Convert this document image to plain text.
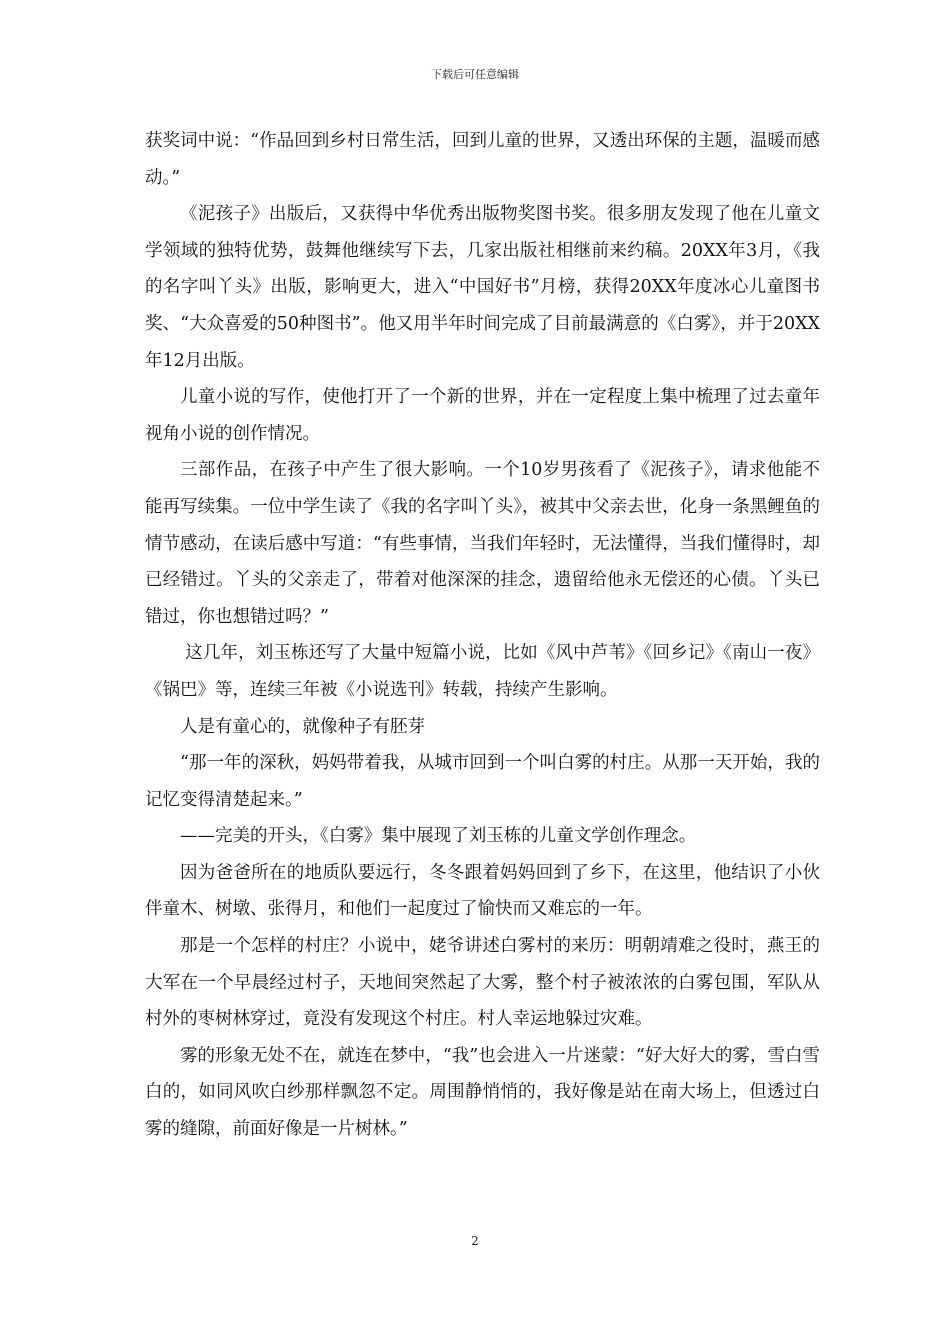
下载后可任意编辑

获奖词中说：“作品回到乡村日常生活，回到儿童的世界，又透出环保的主题，温暖而感动。”

《泥孩子》出版后，又获得中华优秀出版物奖图书奖。很多朋友发现了他在儿童文学领域的独特优势，鼓舞他继续写下去，几家出版社相继前来约稿。20XX年3月，《我的名字叫丫头》出版，影响更大，进入“中国好书”月榜，获得20XX年度冰心儿童图书奖、“大众喜爱的50种图书”。他又用半年时间完成了目前最满意的《白雾》，并于20XX年12月出版。

儿童小说的写作，使他打开了一个新的世界，并在一定程度上集中梳理了过去童年视角小说的创作情况。

三部作品，在孩子中产生了很大影响。一个10岁男孩看了《泥孩子》，请求他能不能再写续集。一位中学生读了《我的名字叫丫头》，被其中父亲去世，化身一条黑鲤鱼的情节感动，在读后感中写道：“有些事情，当我们年轻时，无法懂得，当我们懂得时，却已经错过。丫头的父亲走了，带着对他深深的挂念，遗留给他永无偿还的心债。丫头已错过，你也想错过吗？”

这几年，刘玉栋还写了大量中短篇小说，比如《风中芦苇》《回乡记》《南山一夜》《锅巴》等，连续三年被《小说选刊》转载，持续产生影响。

人是有童心的，就像种子有胚芽

“那一年的深秋，妈妈带着我，从城市回到一个叫白雾的村庄。从那一天开始，我的记忆变得清楚起来。”

——完美的开头，《白雾》集中展现了刘玉栋的儿童文学创作理念。

因为爸爸所在的地质队要远行，冬冬跟着妈妈回到了乡下，在这里，他结识了小伙伴童木、树墩、张得月，和他们一起度过了愉快而又难忘的一年。

那是一个怎样的村庄？小说中，姥爷讲述白雾村的来历：明朝靖难之役时，燕王的大军在一个早晨经过村子，天地间突然起了大雾，整个村子被浓浓的白雾包围，军队从村外的枣树林穿过，竟没有发现这个村庄。村人幸运地躲过灾难。

雾的形象无处不在，就连在梦中，“我”也会进入一片迷蒙：“好大好大的雾，雪白雪白的，如同风吹白纱那样飘忽不定。周围静悄悄的，我好像是站在南大场上，但透过白雾的缝隙，前面好像是一片树林。”

2
